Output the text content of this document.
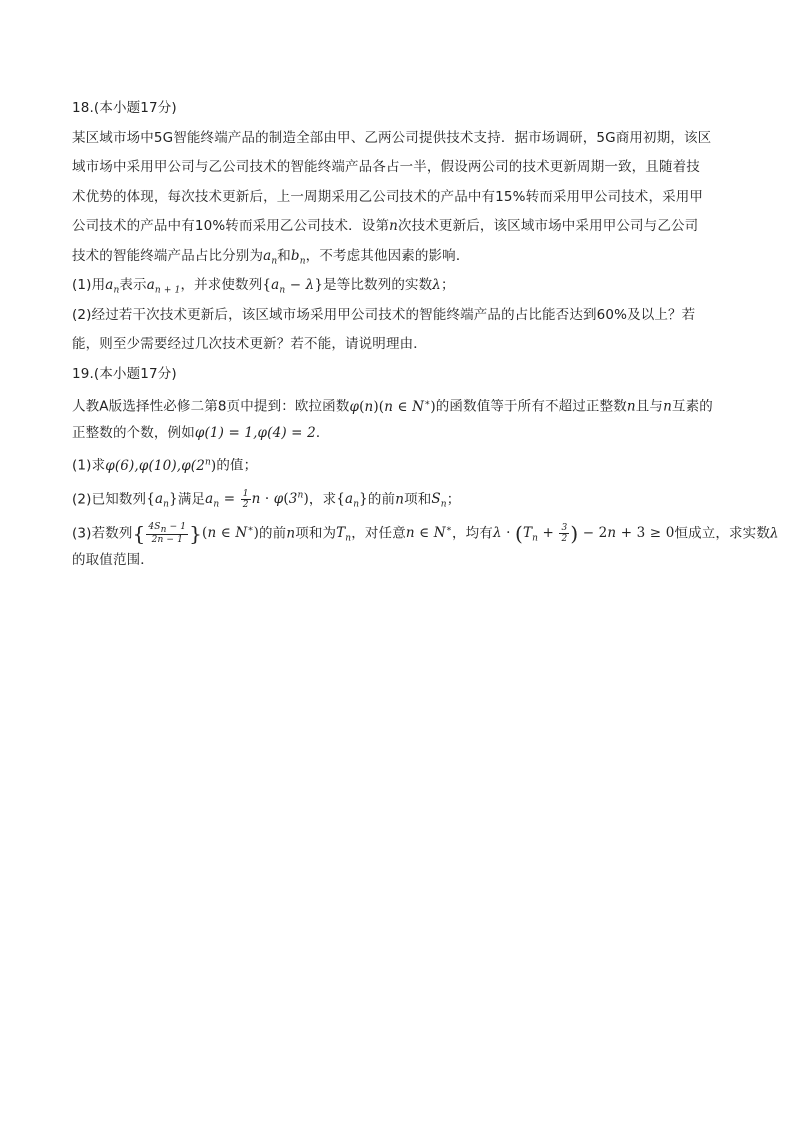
18.(本小题17分)
某区域市场中5G智能终端产品的制造全部由甲、乙两公司提供技术支持．据市场调研，5G商用初期，该区
域市场中采用甲公司与乙公司技术的智能终端产品各占一半，假设两公司的技术更新周期一致，且随着技
术优势的体现，每次技术更新后，上一周期采用乙公司技术的产品中有15%转而采用甲公司技术，采用甲
公司技术的产品中有10%转而采用乙公司技术．设第n次技术更新后，该区域市场中采用甲公司与乙公司
技术的智能终端产品占比分别为$a_n$和$b_n$，不考虑其他因素的影响．
(1)用$a_n$表示$a_{n + 1}$，并求使数列$\{a_n - \lambda\}$是等比数列的实数λ；
(2)经过若干次技术更新后，该区域市场采用甲公司技术的智能终端产品的占比能否达到60%及以上？若
能，则至少需要经过几次技术更新？若不能，请说明理由．
19.(本小题17分)
人教A版选择性必修二第8页中提到：欧拉函数φ(n)(n ∈ N∗)的函数值等于所有不超过正整数n且与n互素的
正整数的个数，例如φ(1) = 1,φ(4) = 2．
(1)求φ(6),φ(10),φ(2$^n$)的值；
(2)已知数列$\{a_n\}$满足$a_n = \frac{1}{2}$ $n \cdot \varphi(3^n)$，求$\{a_n\}$的前n项和$S_n$；
(3)若数列{ $\frac{4S_n - 1}{2n - 1} \}(n$ ∈ N∗)的前n项和为$T_n$，对任意n ∈ N∗，均有$\lambda \cdot (T_n + \frac{3}{2}$ ) − 2n + 3 ≥ 0恒成立，求实数λ
的取值范围．
